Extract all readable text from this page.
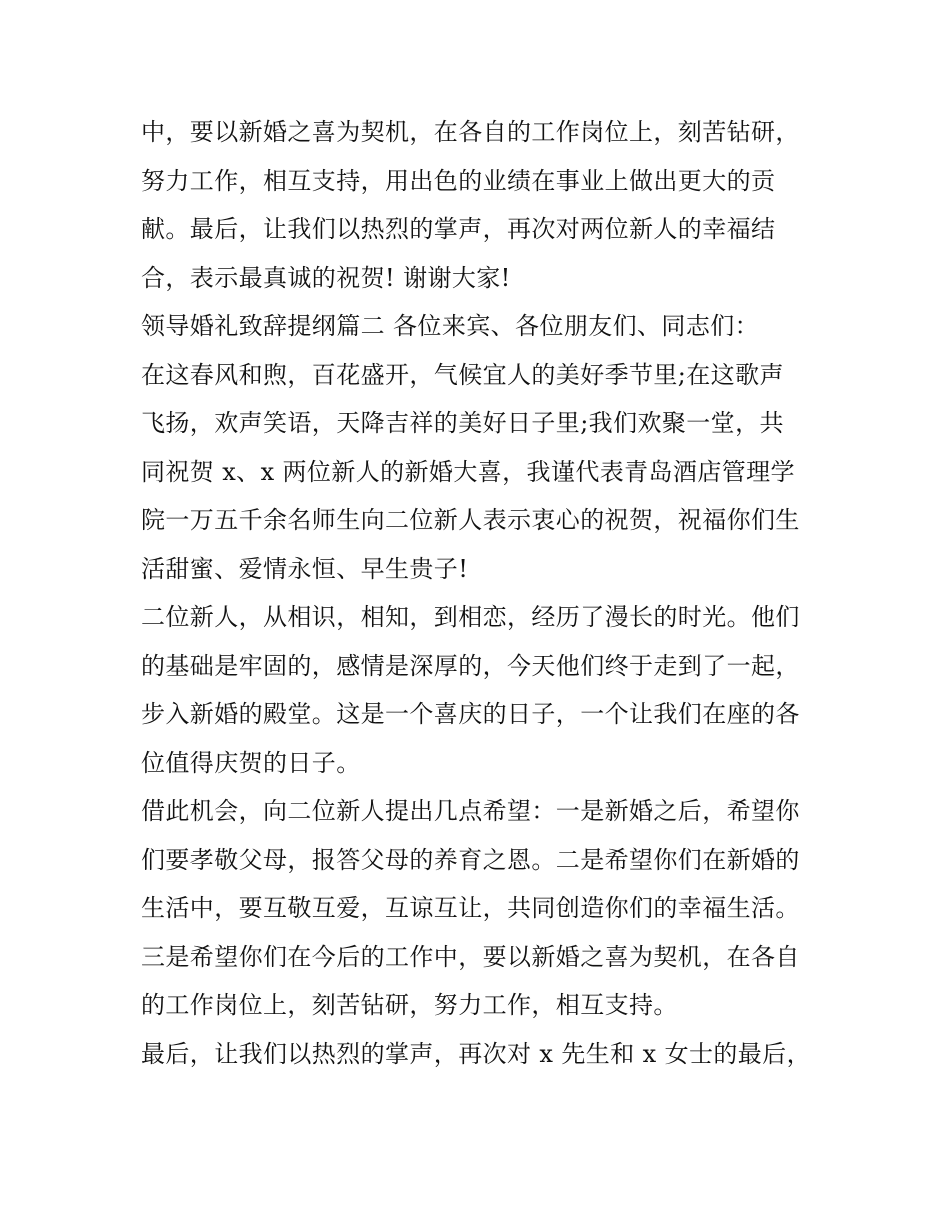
中，要以新婚之喜为契机，在各自的工作岗位上，刻苦钻研，
努力工作，相互支持，用出色的业绩在事业上做出更大的贡
献。最后，让我们以热烈的掌声，再次对两位新人的幸福结
合，表示最真诚的祝贺! 谢谢大家!
领导婚礼致辞提纲篇二 各位来宾、各位朋友们、同志们：
在这春风和煦，百花盛开，气候宜人的美好季节里;在这歌声
飞扬，欢声笑语，天降吉祥的美好日子里;我们欢聚一堂，共
同祝贺 x、x 两位新人的新婚大喜，我谨代表青岛酒店管理学
院一万五千余名师生向二位新人表示衷心的祝贺，祝福你们生
活甜蜜、爱情永恒、早生贵子!
二位新人，从相识，相知，到相恋，经历了漫长的时光。他们
的基础是牢固的，感情是深厚的，今天他们终于走到了一起，
步入新婚的殿堂。这是一个喜庆的日子，一个让我们在座的各
位值得庆贺的日子。
借此机会，向二位新人提出几点希望：一是新婚之后，希望你
们要孝敬父母，报答父母的养育之恩。二是希望你们在新婚的
生活中，要互敬互爱，互谅互让，共同创造你们的幸福生活。
三是希望你们在今后的工作中，要以新婚之喜为契机，在各自
的工作岗位上，刻苦钻研，努力工作，相互支持。
最后，让我们以热烈的掌声，再次对 x 先生和 x 女士的最后，
